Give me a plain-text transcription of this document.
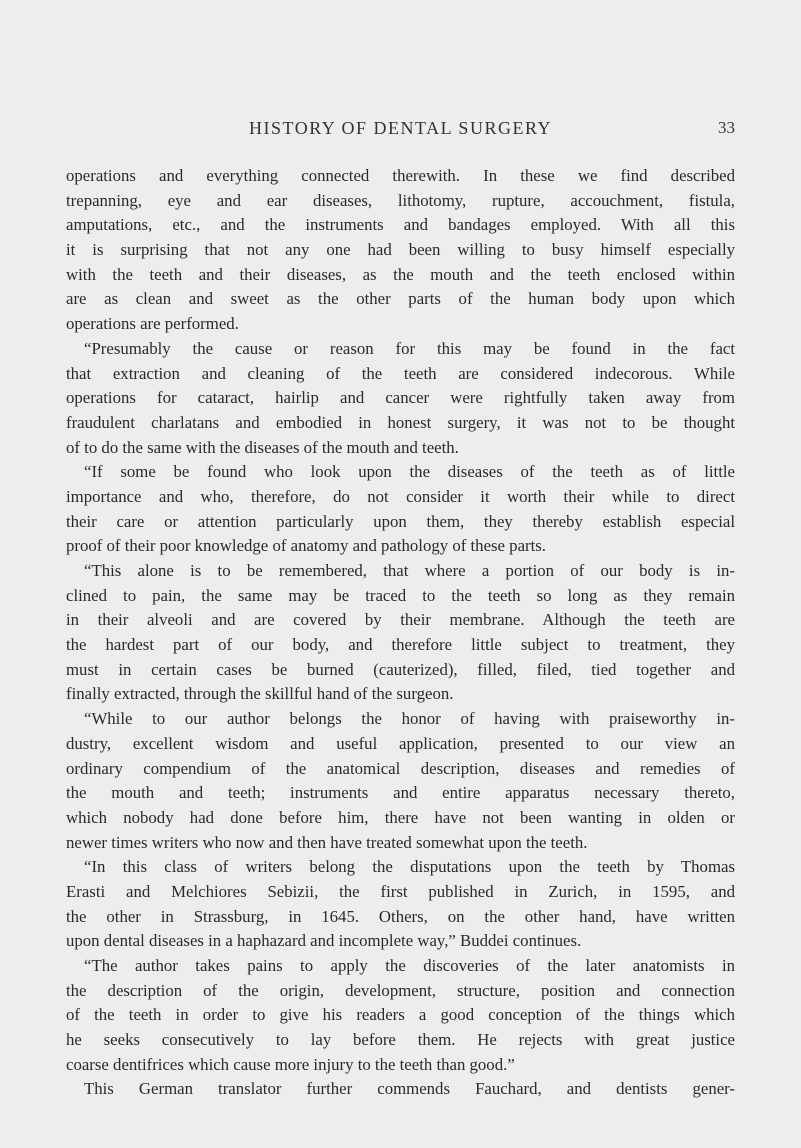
HISTORY OF DENTAL SURGERY	33
operations and everything connected therewith. In these we find described
trepanning, eye and ear diseases, lithotomy, rupture, accouchment, fistula,
amputations, etc., and the instruments and bandages employed. With all this
it is surprising that not any one had been willing to busy himself especially
with the teeth and their diseases, as the mouth and the teeth enclosed within
are as clean and sweet as the other parts of the human body upon which
operations are performed.
“Presumably the cause or reason for this may be found in the fact
that extraction and cleaning of the teeth are considered indecorous. While
operations for cataract, hairlip and cancer were rightfully taken away from
fraudulent charlatans and embodied in honest surgery, it was not to be thought
of to do the same with the diseases of the mouth and teeth.
“If some be found who look upon the diseases of the teeth as of little
importance and who, therefore, do not consider it worth their while to direct
their care or attention particularly upon them, they thereby establish especial
proof of their poor knowledge of anatomy and pathology of these parts.
“This alone is to be remembered, that where a portion of our body is in-
clined to pain, the same may be traced to the teeth so long as they remain
in their alveoli and are covered by their membrane. Although the teeth are
the hardest part of our body, and therefore little subject to treatment, they
must in certain cases be burned (cauterized), filled, filed, tied together and
finally extracted, through the skillful hand of the surgeon.
“While to our author belongs the honor of having with praiseworthy in-
dustry, excellent wisdom and useful application, presented to our view an
ordinary compendium of the anatomical description, diseases and remedies of
the mouth and teeth; instruments and entire apparatus necessary thereto,
which nobody had done before him, there have not been wanting in olden or
newer times writers who now and then have treated somewhat upon the teeth.
“In this class of writers belong the disputations upon the teeth by Thomas
Erasti and Melchiores Sebizii, the first published in Zurich, in 1595, and
the other in Strassburg, in 1645. Others, on the other hand, have written
upon dental diseases in a haphazard and incomplete way,” Buddei continues.
“The author takes pains to apply the discoveries of the later anatomists in
the description of the origin, development, structure, position and connection
of the teeth in order to give his readers a good conception of the things which
he seeks consecutively to lay before them. He rejects with great justice
coarse dentifrices which cause more injury to the teeth than good.”
This German translator further commends Fauchard, and dentists gener-
